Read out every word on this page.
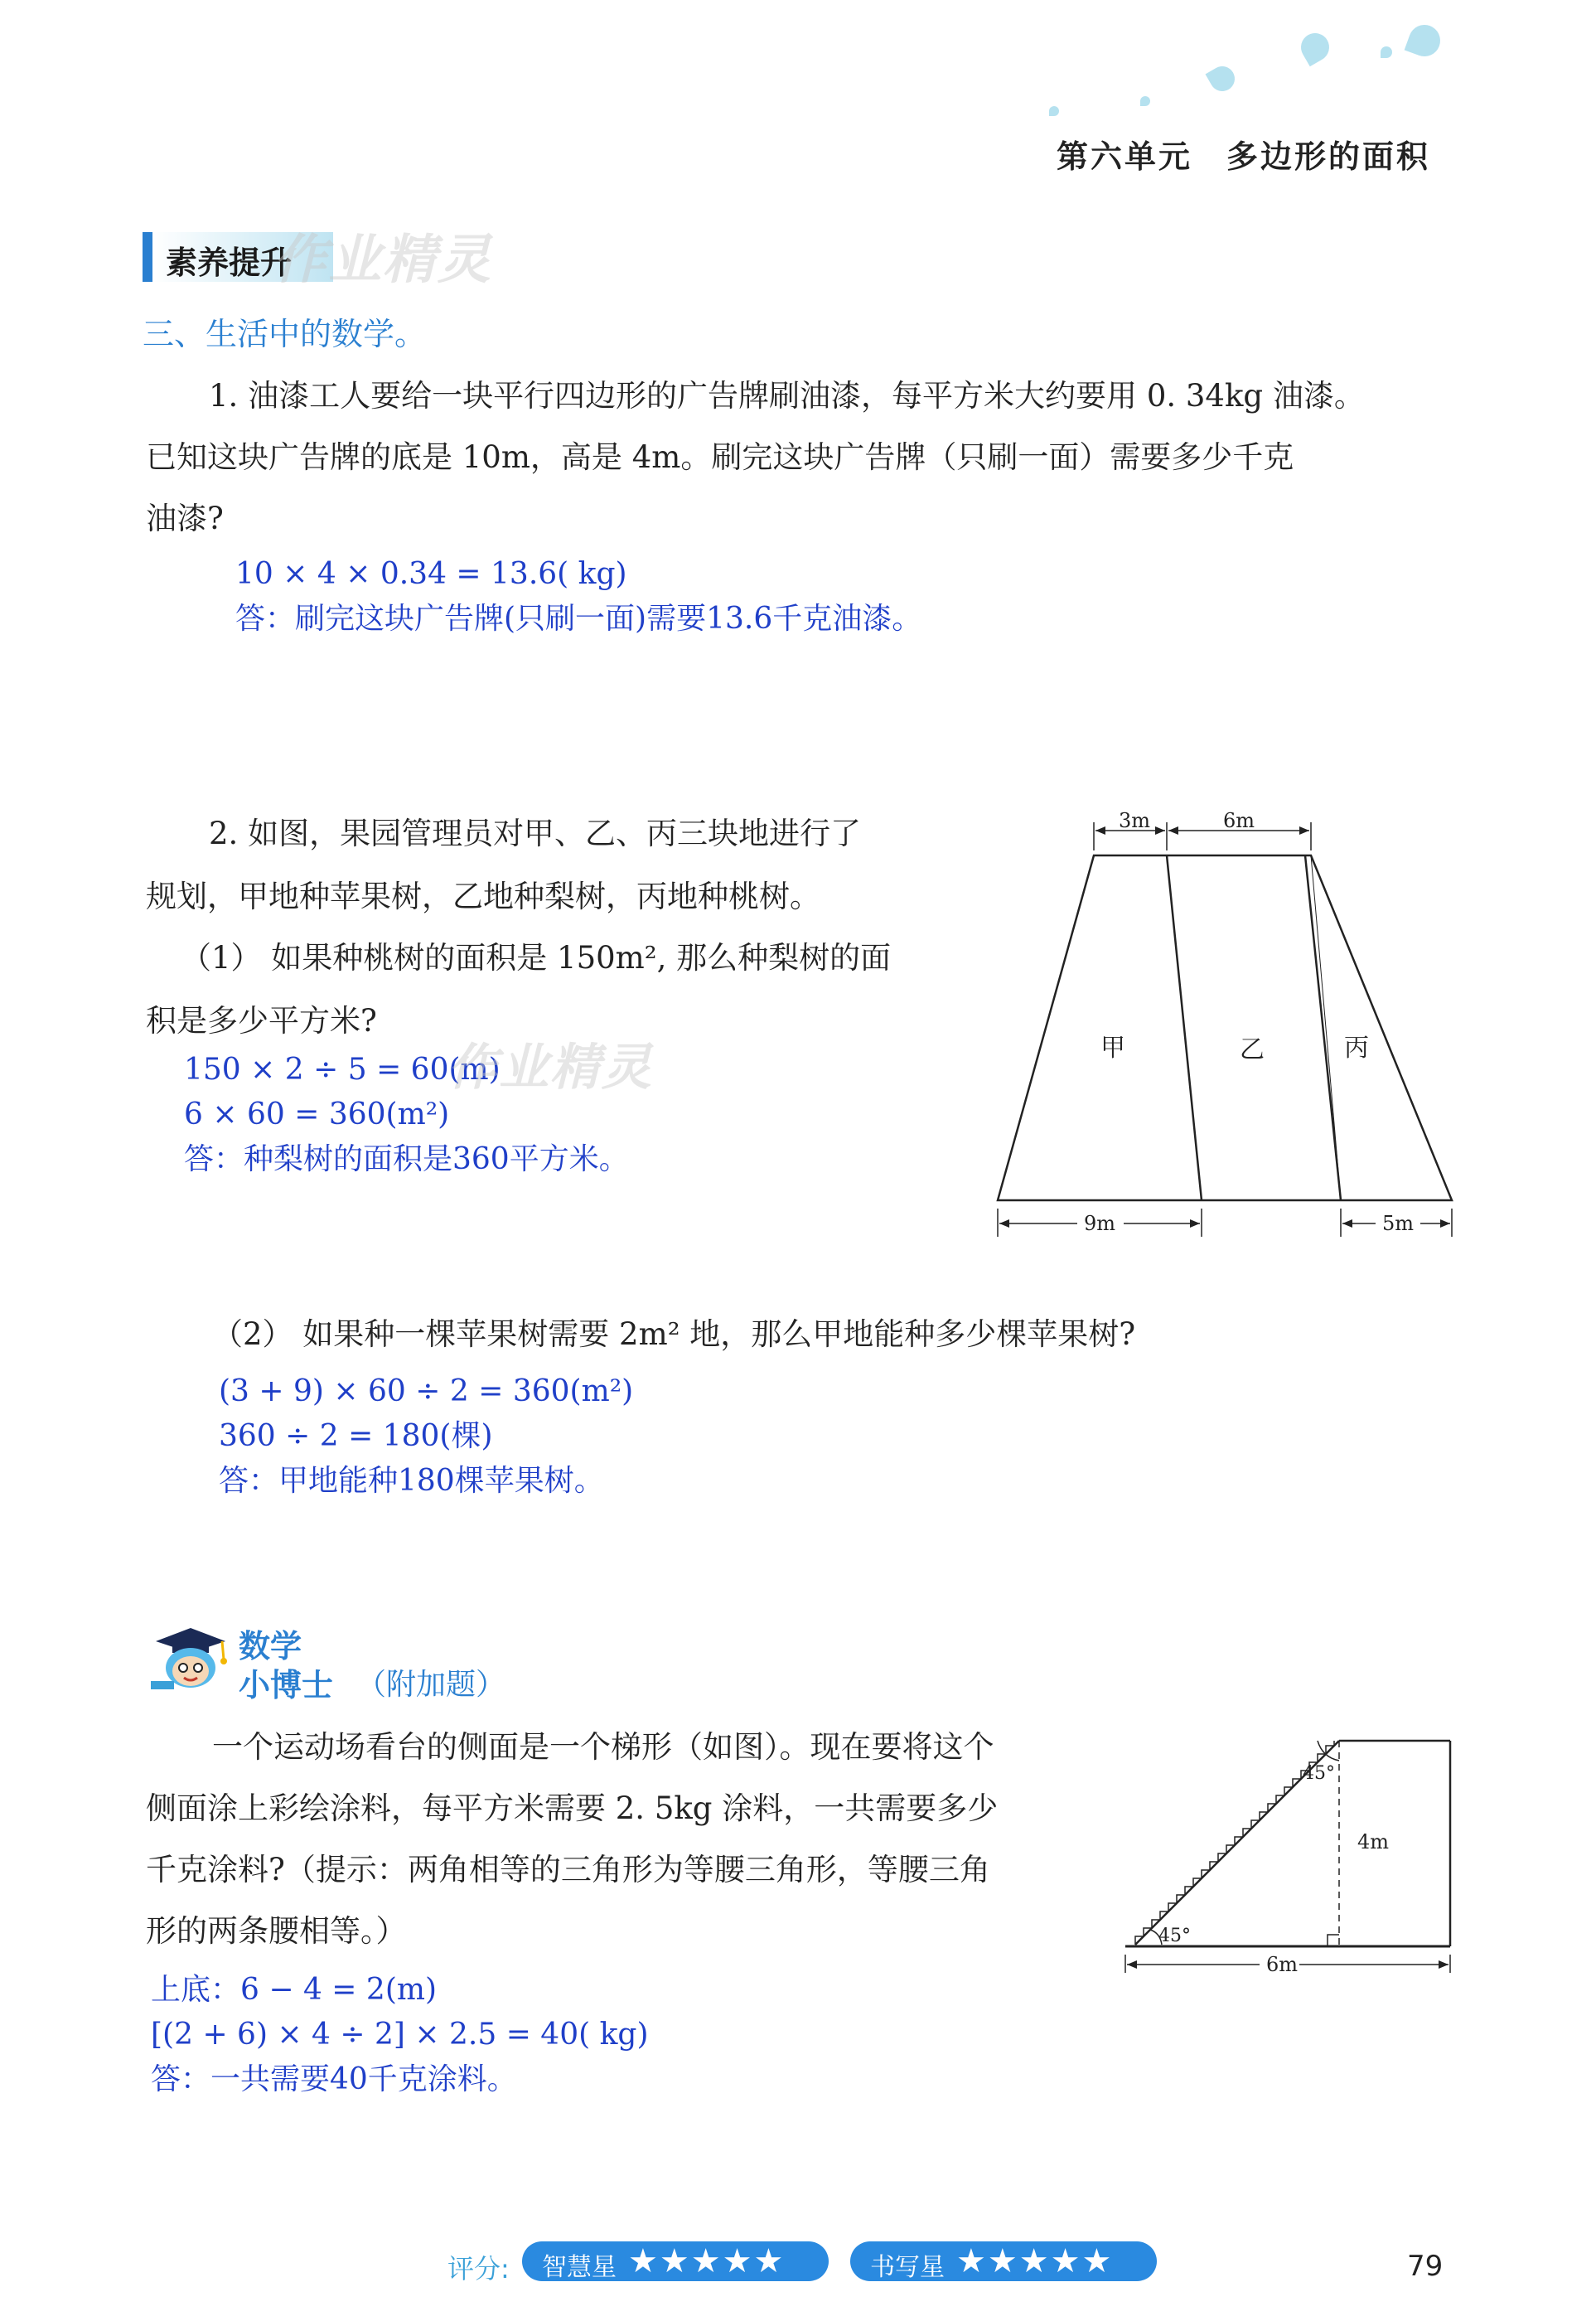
第六单元　多边形的面积
素养提升
作业精灵
三、生活中的数学。
1. 油漆工人要给一块平行四边形的广告牌刷油漆，每平方米大约要用 0. 34kg 油漆。
已知这块广告牌的底是 10m，高是 4m。刷完这块广告牌（只刷一面）需要多少千克
油漆?
10 × 4 × 0.34 = 13.6( kg)
答：刷完这块广告牌(只刷一面)需要13.6千克油漆。
2. 如图，果园管理员对甲、乙、丙三块地进行了
规划，甲地种苹果树，乙地种梨树，丙地种桃树。
（1） 如果种桃树的面积是 150m², 那么种梨树的面
积是多少平方米?
150 × 2 ÷ 5 = 60(m)
6 × 60 = 360(m²)
答：种梨树的面积是360平方米。
作业精灵
3m	6m
9m	5m
甲	乙	丙
（2） 如果种一棵苹果树需要 2m² 地，那么甲地能种多少棵苹果树?
(3 + 9) × 60 ÷ 2 = 360(m²)
360 ÷ 2 = 180(棵)
答：甲地能种180棵苹果树。
数学
小博士 （附加题）
一个运动场看台的侧面是一个梯形（如图）。现在要将这个
侧面涂上彩绘涂料，每平方米需要 2. 5kg 涂料，一共需要多少
千克涂料?（提示：两角相等的三角形为等腰三角形，等腰三角
形的两条腰相等。）
上底：6 − 4 = 2(m)
[(2 + 6) × 4 ÷ 2] × 2.5 = 40( kg)
答：一共需要40千克涂料。
45°
45°
4m
6m
评分: 智慧星 ★★★★★	书写星 ★★★★★	79
